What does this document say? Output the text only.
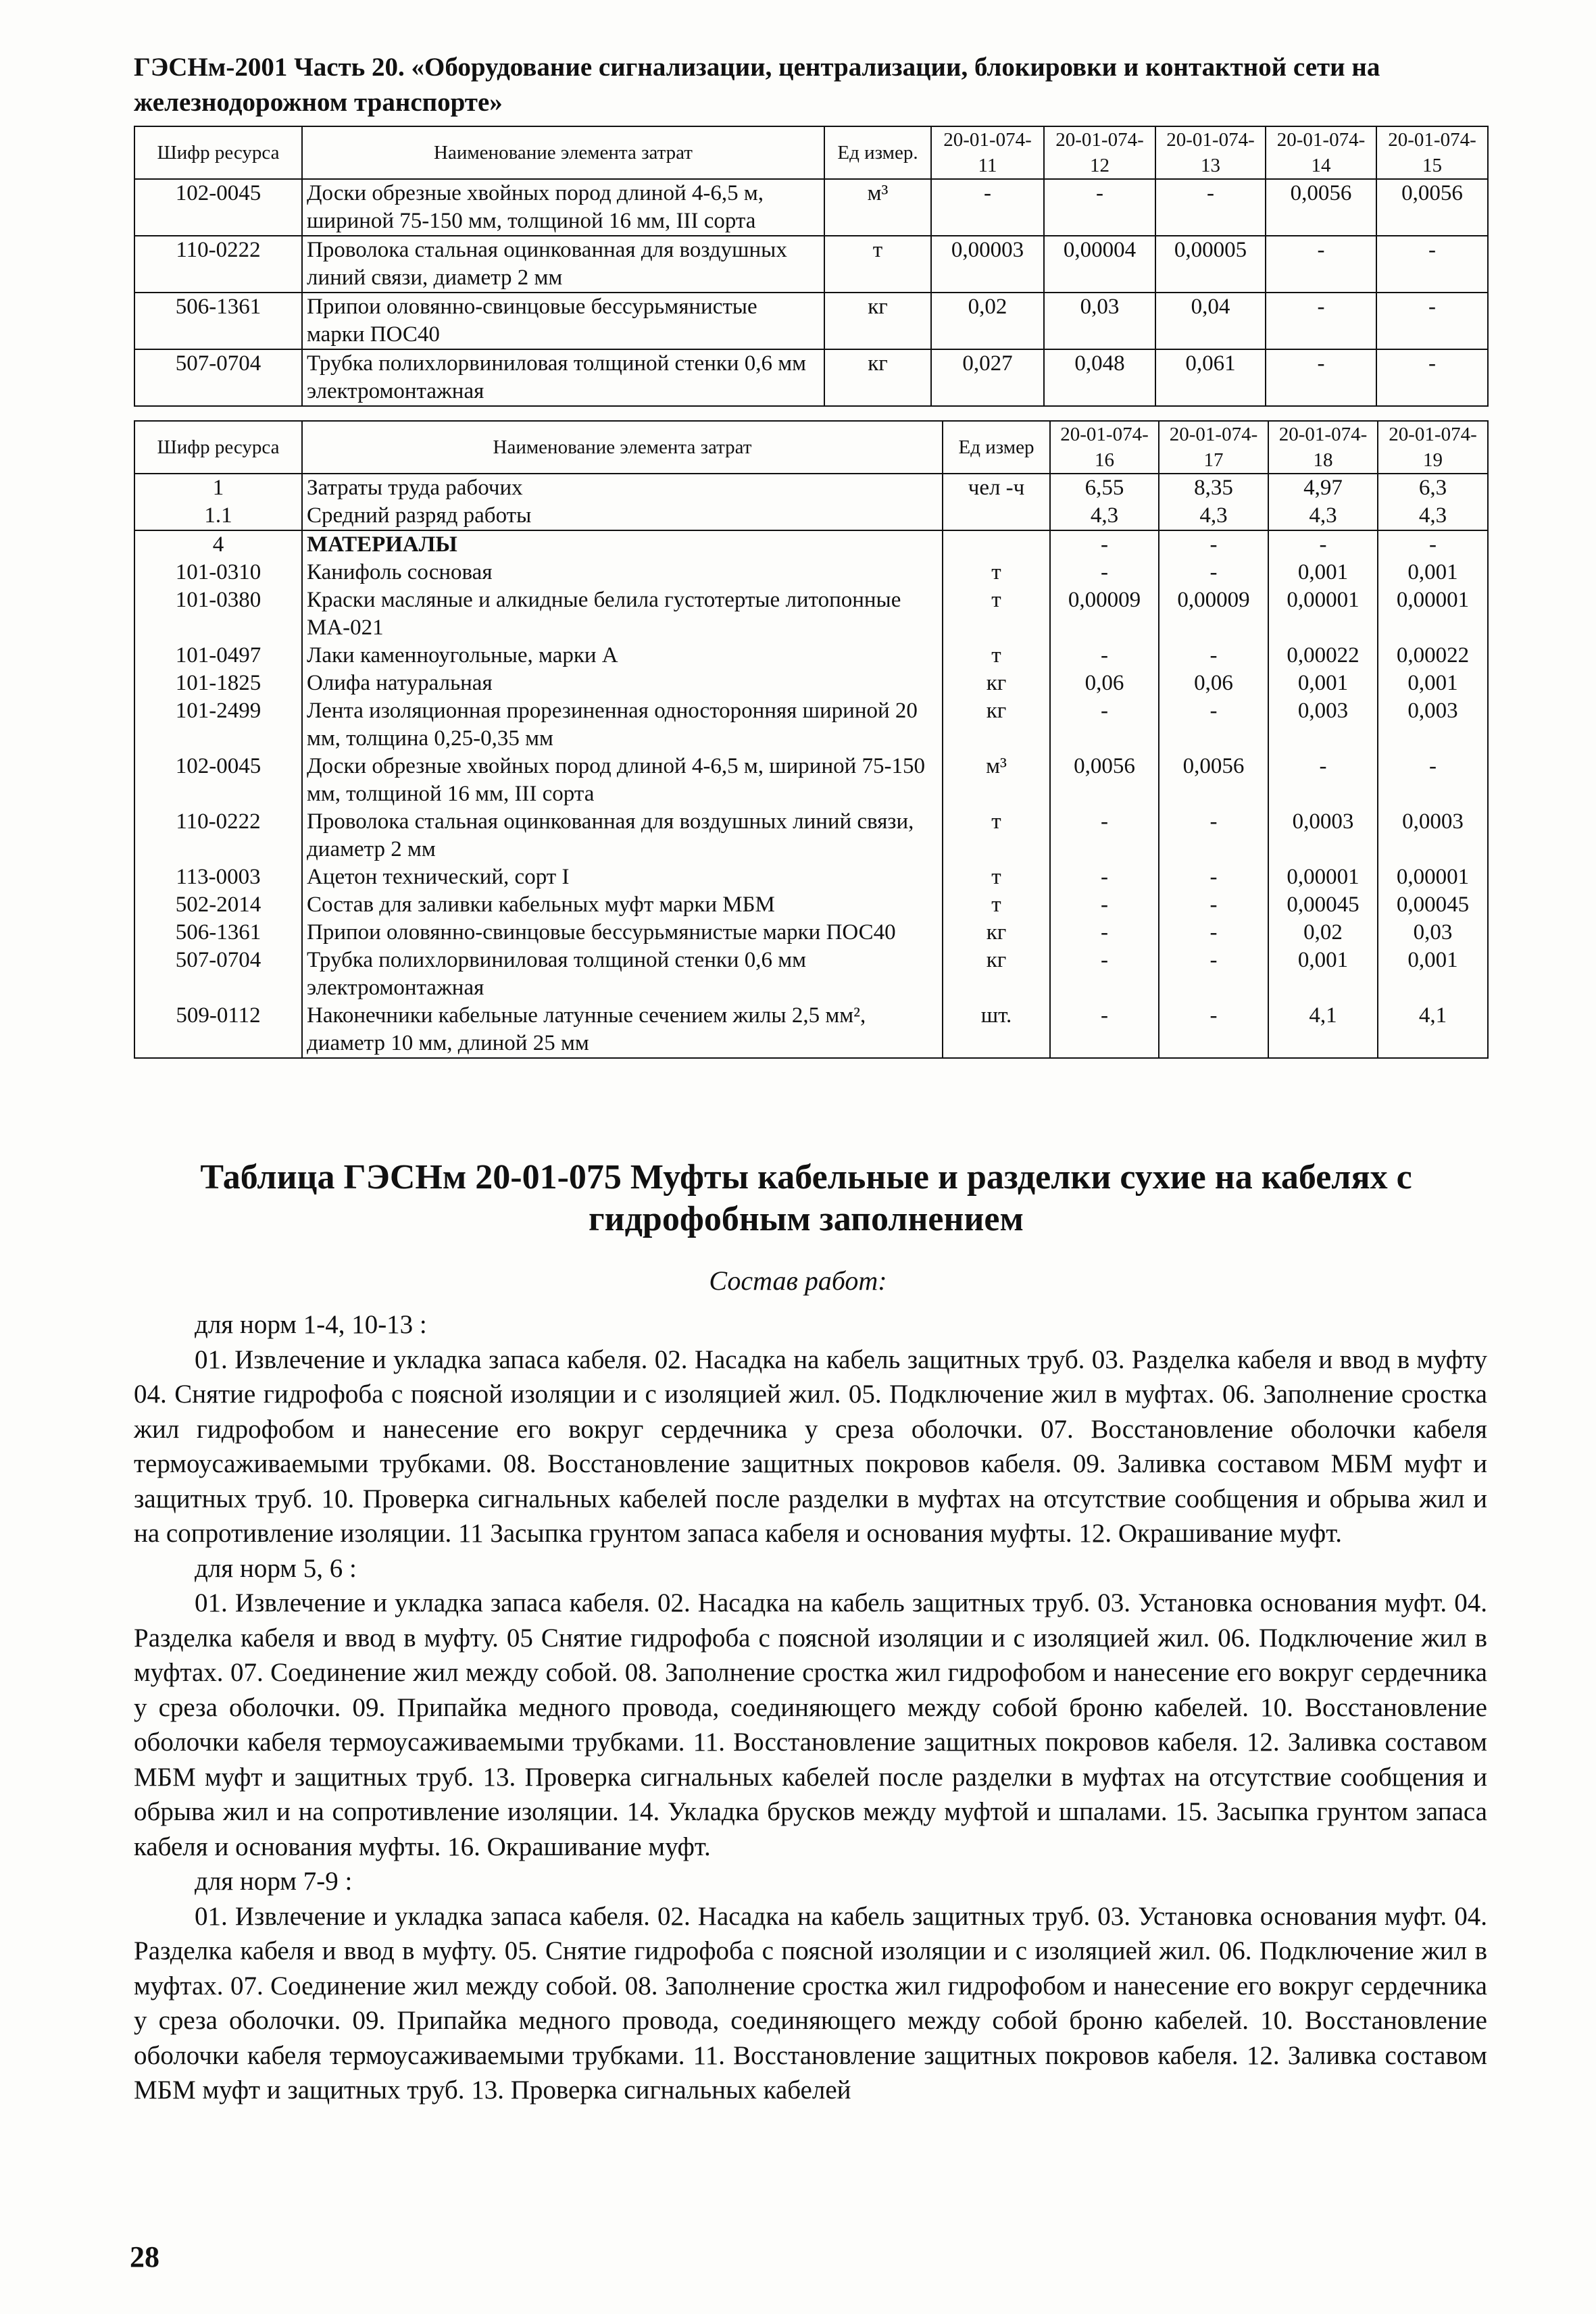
ГЭСНм-2001 Часть 20. «Оборудование сигнализации, централизации, блокировки и контактной сети на железнодорожном транспорте»
Шифр ресурса	Наименование элемента затрат	Ед измер.	20-01-074-11	20-01-074-12	20-01-074-13	20-01-074-14	20-01-074-15
102-0045	Доски обрезные хвойных пород длиной 4-6,5 м, шириной 75-150 мм, толщиной 16 мм, III сорта	м³	-	-	-	0,0056	0,0056
110-0222	Проволока стальная оцинкованная для воздушных линий связи, диаметр 2 мм	т	0,00003	0,00004	0,00005	-	-
506-1361	Припои оловянно-свинцовые бессурьмянистые марки ПОС40	кг	0,02	0,03	0,04	-	-
507-0704	Трубка полихлорвиниловая толщиной стенки 0,6 мм электромонтажная	кг	0,027	0,048	0,061	-	-
Шифр ресурса	Наименование элемента затрат	Ед измер	20-01-074-16	20-01-074-17	20-01-074-18	20-01-074-19
1	Затраты труда рабочих	чел -ч	6,55	8,35	4,97	6,3
1.1	Средний разряд работы		4,3	4,3	4,3	4,3
4	МАТЕРИАЛЫ		-	-	-	-
101-0310	Канифоль сосновая	т	-	-	0,001	0,001
101-0380	Краски масляные и алкидные белила густотертые литопонные МА-021	т	0,00009	0,00009	0,00001	0,00001
101-0497	Лаки каменноугольные, марки А	т	-	-	0,00022	0,00022
101-1825	Олифа натуральная	кг	0,06	0,06	0,001	0,001
101-2499	Лента изоляционная прорезиненная односторонняя шириной 20 мм, толщина 0,25-0,35 мм	кг	-	-	0,003	0,003
102-0045	Доски обрезные хвойных пород длиной 4-6,5 м, шириной 75-150 мм, толщиной 16 мм, III сорта	м³	0,0056	0,0056	-	-
110-0222	Проволока стальная оцинкованная для воздушных линий связи, диаметр 2 мм	т	-	-	0,0003	0,0003
113-0003	Ацетон технический, сорт I	т	-	-	0,00001	0,00001
502-2014	Состав для заливки кабельных муфт марки МБМ	т	-	-	0,00045	0,00045
506-1361	Припои оловянно-свинцовые бессурьмянистые марки ПОС40	кг	-	-	0,02	0,03
507-0704	Трубка полихлорвиниловая толщиной стенки 0,6 мм электромонтажная	кг	-	-	0,001	0,001
509-0112	Наконечники кабельные латунные сечением жилы 2,5 мм², диаметр 10 мм, длиной 25 мм	шт.	-	-	4,1	4,1
Таблица ГЭСНм 20-01-075 Муфты кабельные и разделки сухие на кабелях с гидрофобным заполнением
Состав работ:

для норм 1-4, 10-13 :

01. Извлечение и укладка запаса кабеля. 02. Насадка на кабель защитных труб. 03. Разделка кабеля и ввод в муфту 04. Снятие гидрофоба с поясной изоляции и с изоляцией жил. 05. Подключение жил в муфтах. 06. Заполнение сростка жил гидрофобом и нанесение его вокруг сердечника у среза оболочки. 07. Восстановление оболочки кабеля термоусаживаемыми трубками. 08. Восстановление защитных покровов кабеля. 09. Заливка составом МБМ муфт и защитных труб. 10. Проверка сигнальных кабелей после разделки в муфтах на отсутствие сообщения и обрыва жил и на сопротивление изоляции. 11 Засыпка грунтом запаса кабеля и основания муфты. 12. Окрашивание муфт.

для норм 5, 6 :

01. Извлечение и укладка запаса кабеля. 02. Насадка на кабель защитных труб. 03. Установка основания муфт. 04. Разделка кабеля и ввод в муфту. 05 Снятие гидрофоба с поясной изоляции и с изоляцией жил. 06. Подключение жил в муфтах. 07. Соединение жил между собой. 08. Заполнение сростка жил гидрофобом и нанесение его вокруг сердечника у среза оболочки. 09. Припайка медного провода, соединяющего между собой броню кабелей. 10. Восстановление оболочки кабеля термоусаживаемыми трубками. 11. Восстановление защитных покровов кабеля. 12. Заливка составом МБМ муфт и защитных труб. 13. Проверка сигнальных кабелей после разделки в муфтах на отсутствие сообщения и обрыва жил и на сопротивление изоляции. 14. Укладка брусков между муфтой и шпалами. 15. Засыпка грунтом запаса кабеля и основания муфты. 16. Окрашивание муфт.

для норм 7-9 :

01. Извлечение и укладка запаса кабеля. 02. Насадка на кабель защитных труб. 03. Установка основания муфт. 04. Разделка кабеля и ввод в муфту. 05. Снятие гидрофоба с поясной изоляции и с изоляцией жил. 06. Подключение жил в муфтах. 07. Соединение жил между собой. 08. Заполнение сростка жил гидрофобом и нанесение его вокруг сердечника у среза оболочки. 09. Припайка медного провода, соединяющего между собой броню кабелей. 10. Восстановление оболочки кабеля термоусаживаемыми трубками. 11. Восстановление защитных покровов кабеля. 12. Заливка составом МБМ муфт и защитных труб. 13. Проверка сигнальных кабелей

28
